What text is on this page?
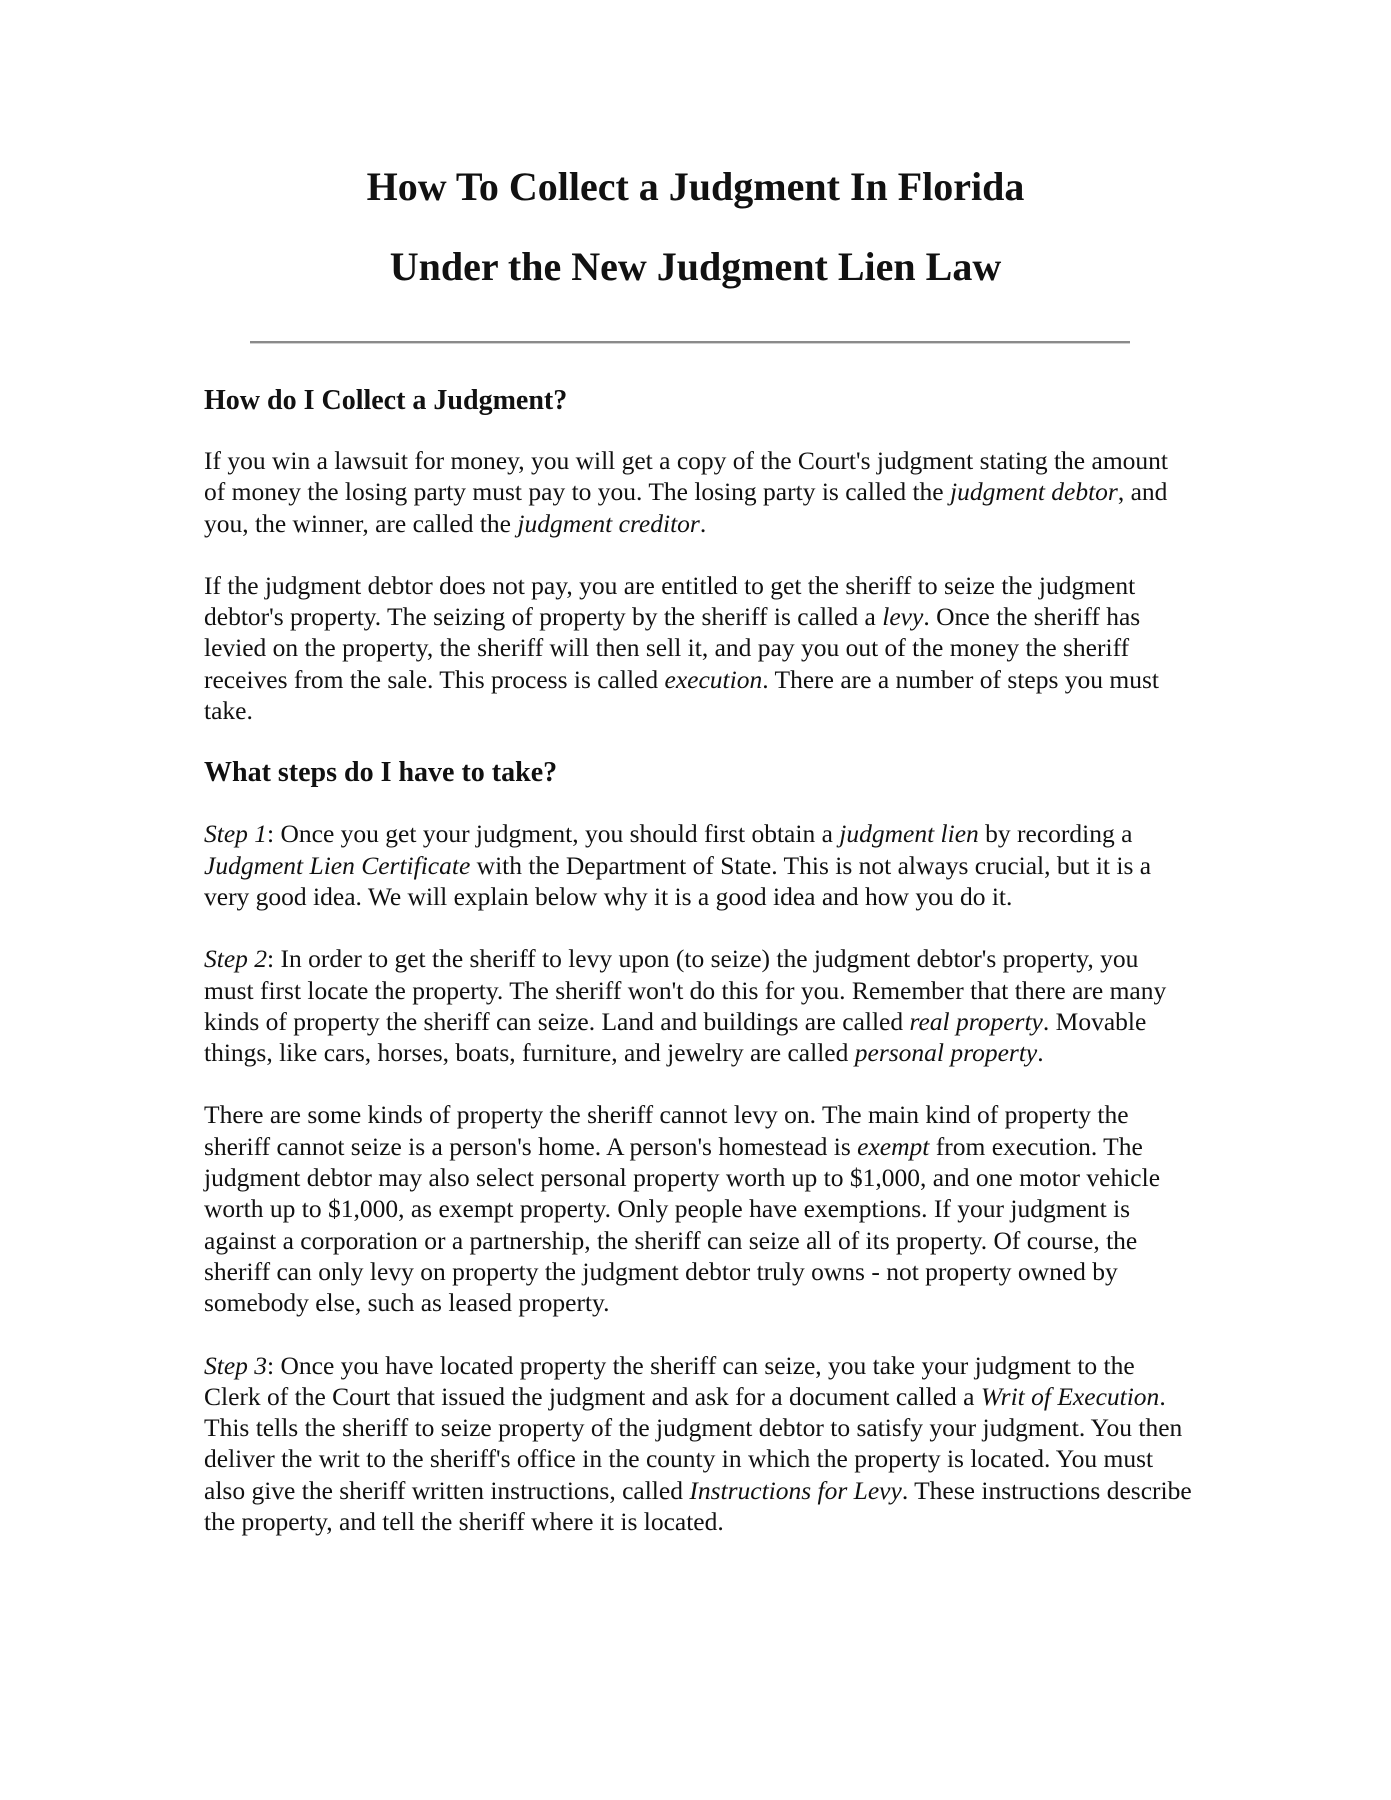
How To Collect a Judgment In Florida
Under the New Judgment Lien Law
How do I Collect a Judgment?

If you win a lawsuit for money, you will get a copy of the Court's judgment stating the amount of money the losing party must pay to you. The losing party is called the judgment debtor, and you, the winner, are called the judgment creditor.

If the judgment debtor does not pay, you are entitled to get the sheriff to seize the judgment debtor's property. The seizing of property by the sheriff is called a levy. Once the sheriff has levied on the property, the sheriff will then sell it, and pay you out of the money the sheriff receives from the sale. This process is called execution. There are a number of steps you must take.

What steps do I have to take?

Step 1: Once you get your judgment, you should first obtain a judgment lien by recording a Judgment Lien Certificate with the Department of State. This is not always crucial, but it is a very good idea. We will explain below why it is a good idea and how you do it.

Step 2: In order to get the sheriff to levy upon (to seize) the judgment debtor's property, you must first locate the property. The sheriff won't do this for you. Remember that there are many kinds of property the sheriff can seize. Land and buildings are called real property. Movable things, like cars, horses, boats, furniture, and jewelry are called personal property.

There are some kinds of property the sheriff cannot levy on. The main kind of property the sheriff cannot seize is a person's home. A person's homestead is exempt from execution. The judgment debtor may also select personal property worth up to $1,000, and one motor vehicle worth up to $1,000, as exempt property. Only people have exemptions. If your judgment is against a corporation or a partnership, the sheriff can seize all of its property. Of course, the sheriff can only levy on property the judgment debtor truly owns - not property owned by somebody else, such as leased property.

Step 3: Once you have located property the sheriff can seize, you take your judgment to the Clerk of the Court that issued the judgment and ask for a document called a Writ of Execution. This tells the sheriff to seize property of the judgment debtor to satisfy your judgment. You then deliver the writ to the sheriff's office in the county in which the property is located. You must also give the sheriff written instructions, called Instructions for Levy. These instructions describe the property, and tell the sheriff where it is located.
